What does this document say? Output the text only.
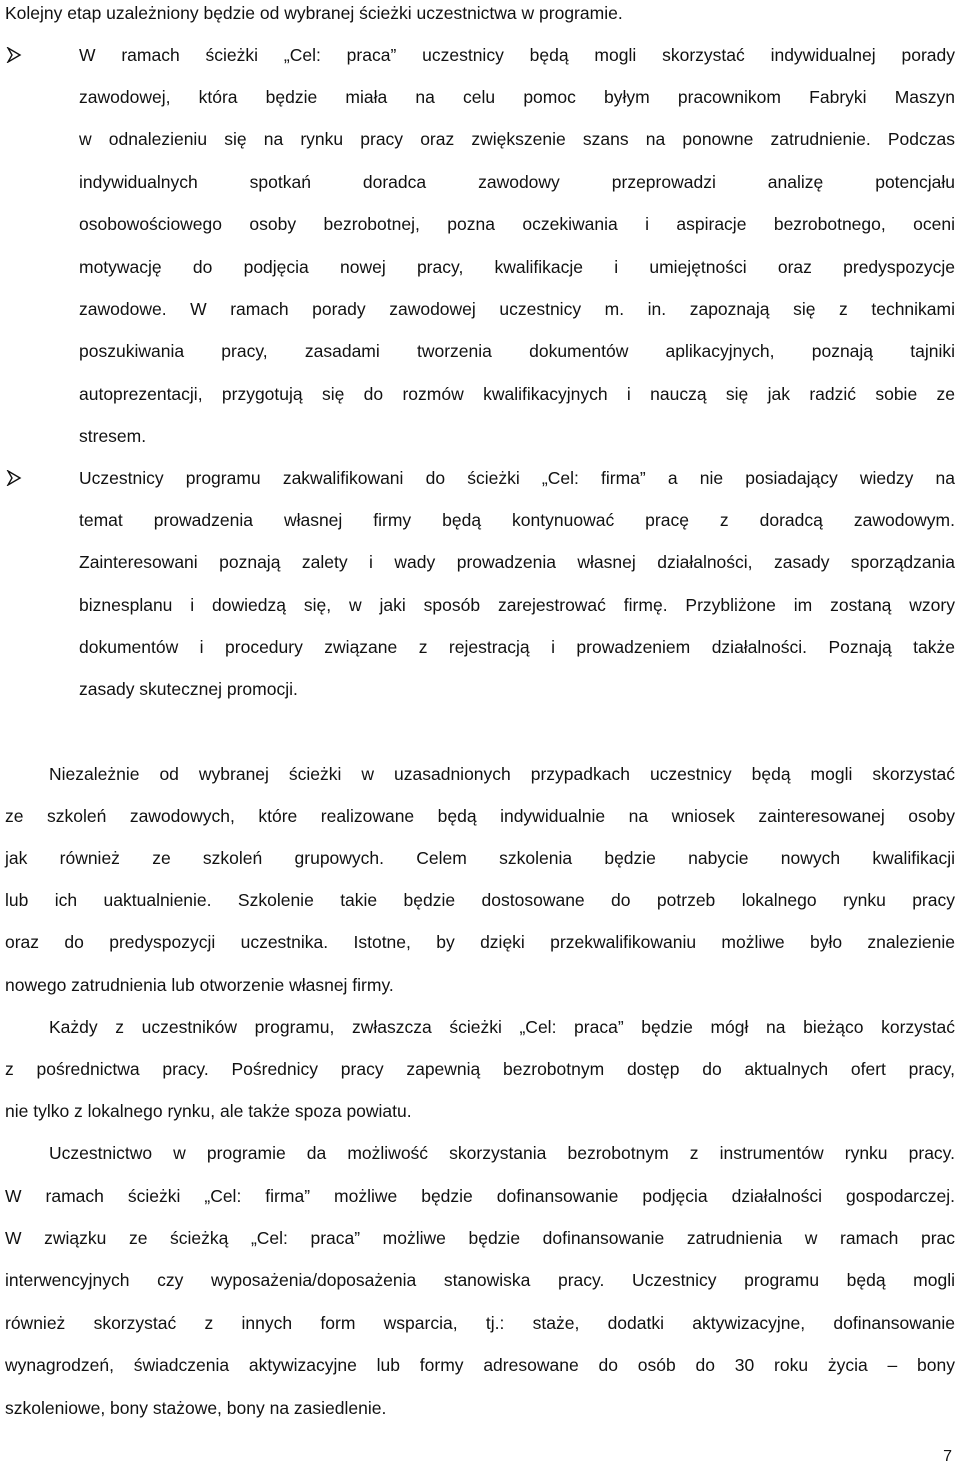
Kolejny etap uzależniony będzie od wybranej ścieżki uczestnictwa w programie.
W ramach ścieżki „Cel: praca” uczestnicy będą mogli skorzystać indywidualnej porady
zawodowej, która będzie miała na celu pomoc byłym pracownikom Fabryki Maszyn
w odnalezieniu się na rynku pracy oraz zwiększenie szans na ponowne zatrudnienie. Podczas
indywidualnych spotkań doradca zawodowy przeprowadzi analizę potencjału
osobowościowego osoby bezrobotnej, pozna oczekiwania i aspiracje bezrobotnego, oceni
motywację do podjęcia nowej pracy, kwalifikacje i umiejętności oraz predyspozycje
zawodowe. W ramach porady zawodowej uczestnicy m. in. zapoznają się z technikami
poszukiwania pracy, zasadami tworzenia dokumentów aplikacyjnych, poznają tajniki
autoprezentacji, przygotują się do rozmów kwalifikacyjnych i nauczą się jak radzić sobie ze
stresem.
Uczestnicy programu zakwalifikowani do ścieżki „Cel: firma” a nie posiadający wiedzy na
temat prowadzenia własnej firmy będą kontynuować pracę z doradcą zawodowym.
Zainteresowani poznają zalety i wady prowadzenia własnej działalności, zasady sporządzania
biznesplanu i dowiedzą się, w jaki sposób zarejestrować firmę. Przybliżone im zostaną wzory
dokumentów i procedury związane z rejestracją i prowadzeniem działalności. Poznają także
zasady skutecznej promocji.
Niezależnie od wybranej ścieżki w uzasadnionych przypadkach uczestnicy będą mogli skorzystać
ze szkoleń zawodowych, które realizowane będą indywidualnie na wniosek zainteresowanej osoby
jak również ze szkoleń grupowych. Celem szkolenia będzie nabycie nowych kwalifikacji
lub ich uaktualnienie. Szkolenie takie będzie dostosowane do potrzeb lokalnego rynku pracy
oraz do predyspozycji uczestnika. Istotne, by dzięki przekwalifikowaniu możliwe było znalezienie
nowego zatrudnienia lub otworzenie własnej firmy.
Każdy z uczestników programu, zwłaszcza ścieżki „Cel: praca” będzie mógł na bieżąco korzystać
z pośrednictwa pracy. Pośrednicy pracy zapewnią bezrobotnym dostęp do aktualnych ofert pracy,
nie tylko z lokalnego rynku, ale także spoza powiatu.
Uczestnictwo w programie da możliwość skorzystania bezrobotnym z instrumentów rynku pracy.
W ramach ścieżki „Cel: firma” możliwe będzie dofinansowanie podjęcia działalności gospodarczej.
W związku ze ścieżką „Cel: praca” możliwe będzie dofinansowanie zatrudnienia w ramach prac
interwencyjnych czy wyposażenia/doposażenia stanowiska pracy. Uczestnicy programu będą mogli
również skorzystać z innych form wsparcia, tj.: staże, dodatki aktywizacyjne, dofinansowanie
wynagrodzeń, świadczenia aktywizacyjne lub formy adresowane do osób do 30 roku życia – bony
szkoleniowe, bony stażowe, bony na zasiedlenie.
7
